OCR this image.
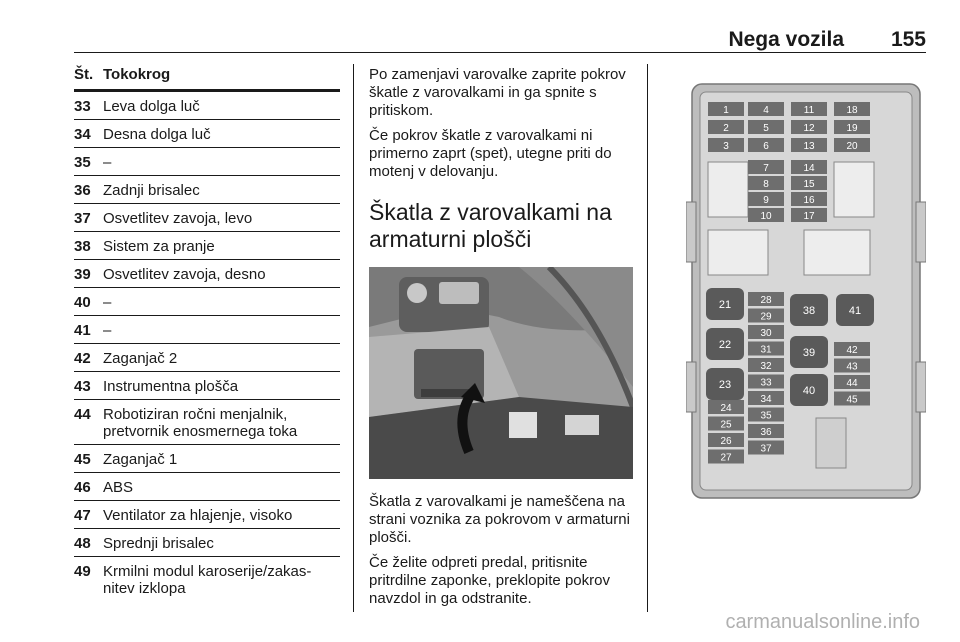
Nega vozila 155
Št. Tokokrog
33 Leva dolga luč
34 Desna dolga luč
35 –
36 Zadnji brisalec
37 Osvetlitev zavoja, levo
38 Sistem za pranje
39 Osvetlitev zavoja, desno
40 –
41 –
42 Zaganjač 2
43 Instrumentna plošča
44 Robotiziran ročni menjalnik, pretvornik enosmernega toka
45 Zaganjač 1
46 ABS
47 Ventilator za hlajenje, visoko
48 Sprednji brisalec
49 Krmilni modul karoserije/zakas-nitev izklopa

Po zamenjavi varovalke zaprite pokrov škatle z varovalkami in ga spnite s pritiskom.

Če pokrov škatle z varovalkami ni primerno zaprt (spet), utegne priti do motenj v delovanju.

Škatla z varovalkami na armaturni plošči

Škatla z varovalkami je nameščena na strani voznika za pokrovom v armaturni plošči.

Če želite odpreti predal, pritisnite pritrdilne zaponke, preklopite pokrov navzdol in ga odstranite.

1
2
3
4
5
6
7
8
9
10
11
12
13
14
15
16
17
18
19
20
24
25
26
27
28
29
30
31
32
33
34
35
36
37
42
43
44
45
21
22
23
38
39
40
41
carmanualsonline.info
